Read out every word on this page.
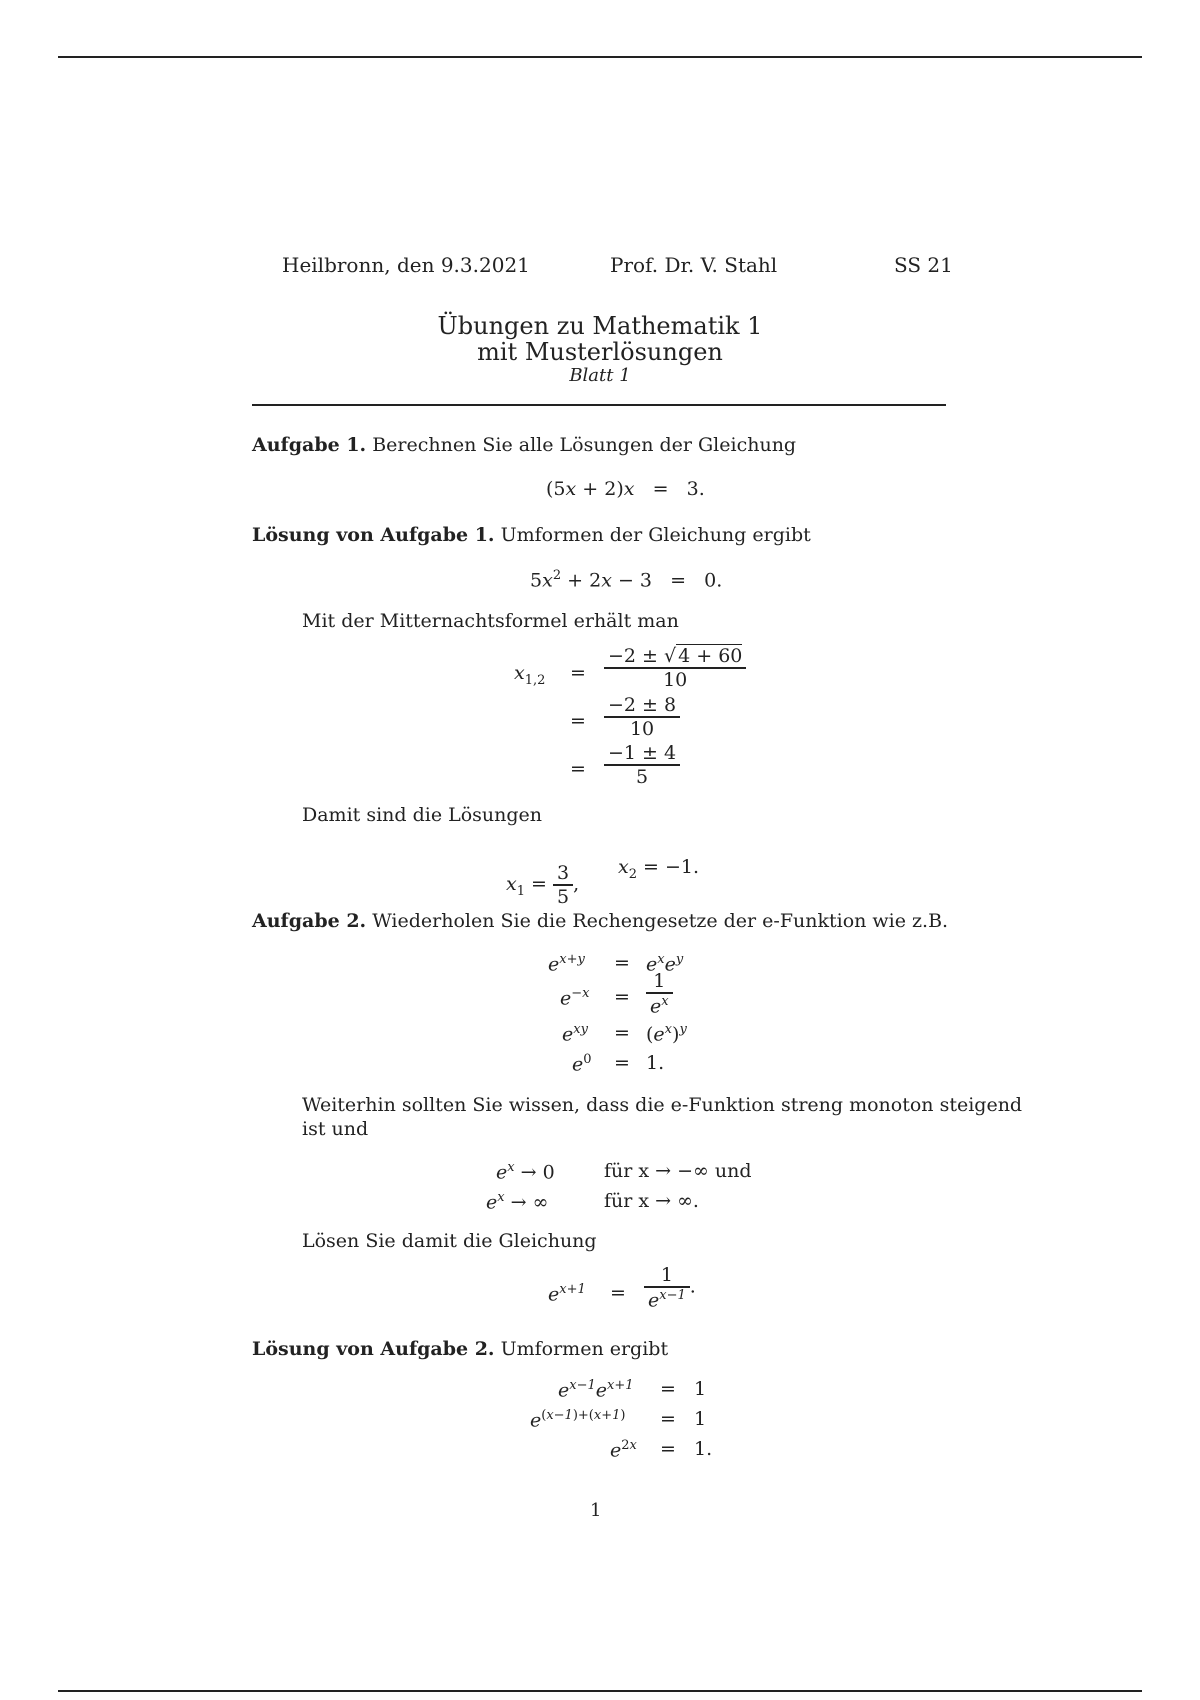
Heilbronn, den 9.3.2021	Prof. Dr. V. Stahl	SS 21
Übungen zu Mathematik 1
mit Musterlösungen
Blatt 1
Aufgabe 1. Berechnen Sie alle Lösungen der Gleichung
(5x + 2)x   =   3.
Lösung von Aufgabe 1. Umformen der Gleichung ergibt
$5x^2 + 2x - 3 = 0$.
Mit der Mitternachtsformel erhält man
$x_{1,2} = \frac{-2 \pm √ 4 + 60}{10}$
= $\frac{-2 \pm 8}{10}$
= $\frac{-1 \pm 4}{5}$
Damit sind die Lösungen
$x_1 = \frac{3}{5}$ ,
$x_2 = -1$.
Aufgabe 2. Wiederholen Sie die Rechengesetze der e-Funktion wie z.B.
$e^{x+y} = e^xe^y$
$e^{-x} = \frac{1}{e^x}$
$e^{xy} = (e^x)^y$
$e^0 = 1$.
Weiterhin sollten Sie wissen, dass die e-Funktion streng monoton steigend
ist und
$e^x \to 0$	für x → −∞ und
$e^x$ → ∞	für x → ∞.
Lösen Sie damit die Gleichung
$e^{x+1} = \frac{1}{e^{x-1}}$ .
Lösung von Aufgabe 2. Umformen ergibt
$e^{x-1}e^{x+1} = 1$
$e^{(x-1)+(x+1)} = 1$
$e^{2x} = 1$.
1
